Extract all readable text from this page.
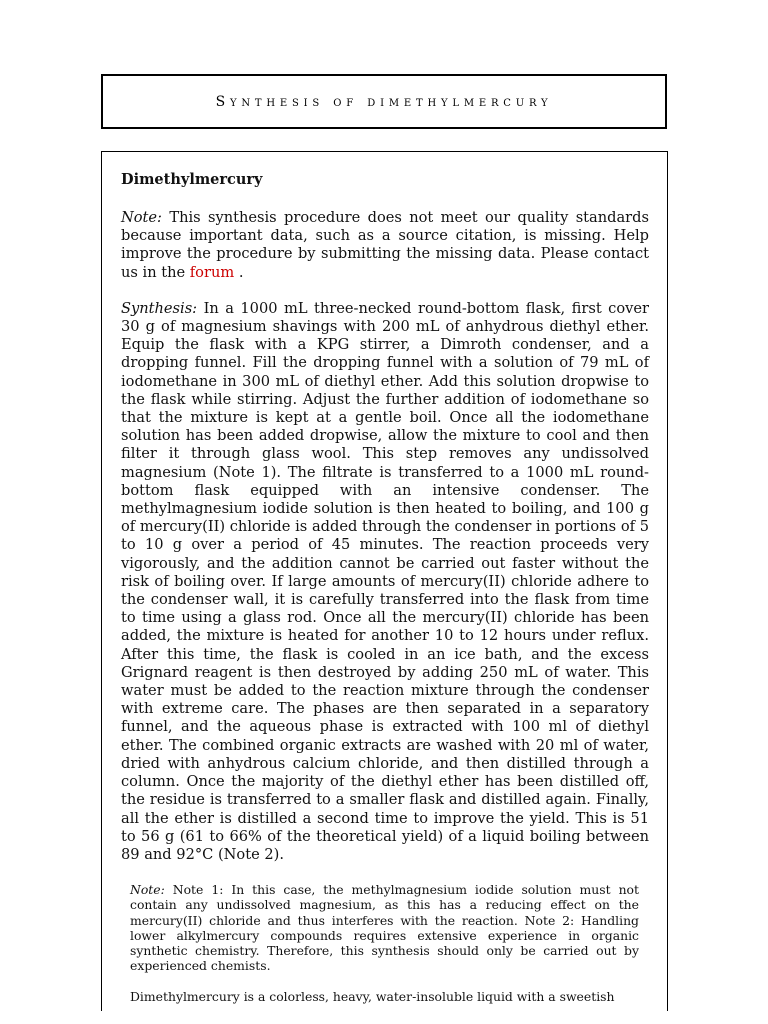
Synthesis of dimethylmercury
Dimethylmercury

Note: This synthesis procedure does not meet our quality standards because important data, such as a source citation, is missing. Help improve the procedure by submitting the missing data. Please contact us in the forum .

Synthesis: In a 1000 mL three-necked round-bottom flask, first cover 30 g of magnesium shavings with 200 mL of anhydrous diethyl ether. Equip the flask with a KPG stirrer, a Dimroth condenser, and a dropping funnel. Fill the dropping funnel with a solution of 79 mL of iodomethane in 300 mL of diethyl ether. Add this solution dropwise to the flask while stirring. Adjust the further addition of iodomethane so that the mixture is kept at a gentle boil. Once all the iodomethane solution has been added dropwise, allow the mixture to cool and then filter it through glass wool. This step removes any undissolved magnesium (Note 1). The filtrate is transferred to a 1000 mL round-bottom flask equipped with an intensive condenser. The methylmagnesium iodide solution is then heated to boiling, and 100 g of mercury(II) chloride is added through the condenser in portions of 5 to 10 g over a period of 45 minutes. The reaction proceeds very vigorously, and the addition cannot be carried out faster without the risk of boiling over. If large amounts of mercury(II) chloride adhere to the condenser wall, it is carefully transferred into the flask from time to time using a glass rod. Once all the mercury(II) chloride has been added, the mixture is heated for another 10 to 12 hours under reflux. After this time, the flask is cooled in an ice bath, and the excess Grignard reagent is then destroyed by adding 250 mL of water. This water must be added to the reaction mixture through the condenser with extreme care. The phases are then separated in a separatory funnel, and the aqueous phase is extracted with 100 ml of diethyl ether. The combined organic extracts are washed with 20 ml of water, dried with anhydrous calcium chloride, and then distilled through a column. Once the majority of the diethyl ether has been distilled off, the residue is transferred to a smaller flask and distilled again. Finally, all the ether is distilled a second time to improve the yield. This is 51 to 56 g (61 to 66% of the theoretical yield) of a liquid boiling between 89 and 92°C (Note 2).

Note: Note 1: In this case, the methylmagnesium iodide solution must not contain any undissolved magnesium, as this has a reducing effect on the mercury(II) chloride and thus interferes with the reaction. Note 2: Handling lower alkylmercury compounds requires extensive experience in organic synthetic chemistry. Therefore, this synthesis should only be carried out by experienced chemists.

Dimethylmercury is a colorless, heavy, water-insoluble liquid with a sweetish
